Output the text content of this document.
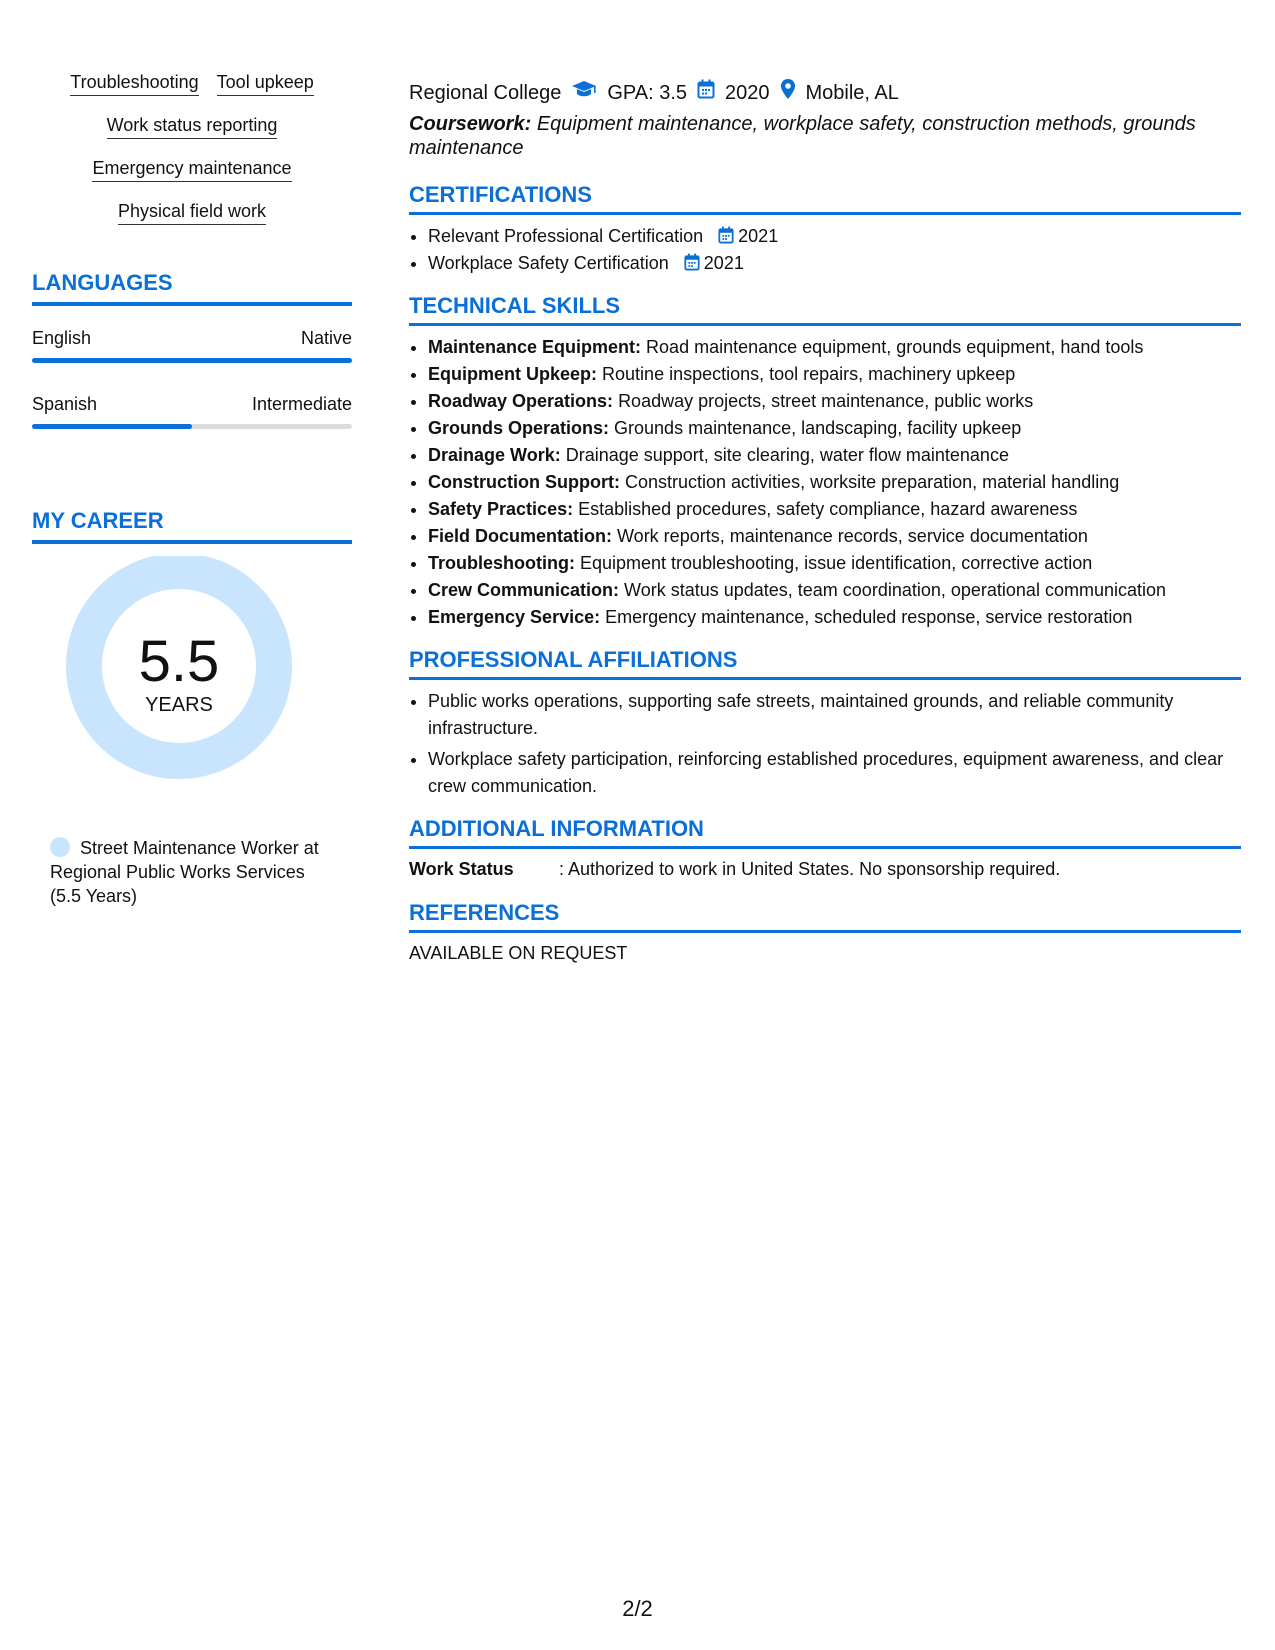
Troubleshooting Tool upkeep
Work status reporting
Emergency maintenance
Physical field work
LANGUAGES
English	Native
Spanish	Intermediate
MY CAREER
5.5
YEARS
Street Maintenance Worker at Regional Public Works Services (5.5 Years)
Regional College GPA: 3.5 2020 Mobile, AL
Coursework: Equipment maintenance, workplace safety, construction methods, grounds maintenance
CERTIFICATIONS
• Relevant Professional Certification 2021
• Workplace Safety Certification 2021
TECHNICAL SKILLS
• Maintenance Equipment: Road maintenance equipment, grounds equipment, hand tools
• Equipment Upkeep: Routine inspections, tool repairs, machinery upkeep
• Roadway Operations: Roadway projects, street maintenance, public works
• Grounds Operations: Grounds maintenance, landscaping, facility upkeep
• Drainage Work: Drainage support, site clearing, water flow maintenance
• Construction Support: Construction activities, worksite preparation, material handling
• Safety Practices: Established procedures, safety compliance, hazard awareness
• Field Documentation: Work reports, maintenance records, service documentation
• Troubleshooting: Equipment troubleshooting, issue identification, corrective action
• Crew Communication: Work status updates, team coordination, operational communication
• Emergency Service: Emergency maintenance, scheduled response, service restoration
PROFESSIONAL AFFILIATIONS
• Public works operations, supporting safe streets, maintained grounds, and reliable community infrastructure.
• Workplace safety participation, reinforcing established procedures, equipment awareness, and clear crew communication.
ADDITIONAL INFORMATION
Work Status	: Authorized to work in United States. No sponsorship required.
REFERENCES
AVAILABLE ON REQUEST
2/2
